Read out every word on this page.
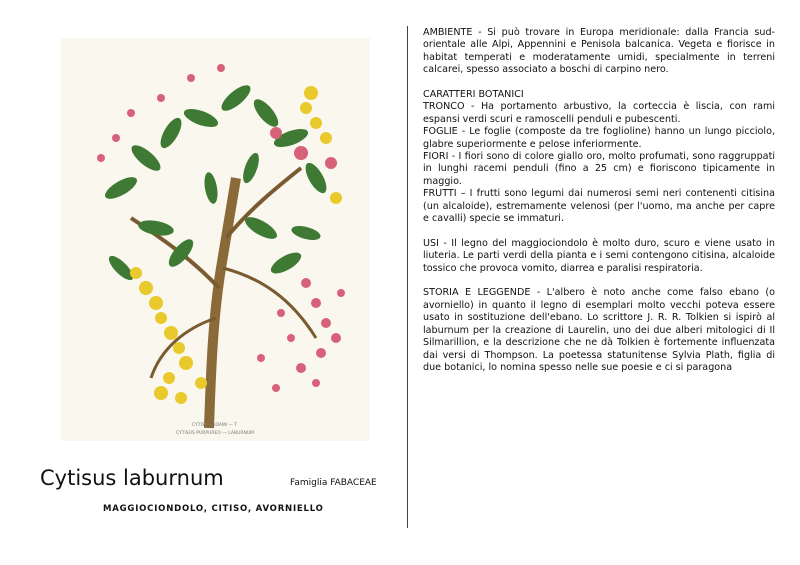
CYTISUS ADAMI — T.
CYTISUS PURPUREO — LABURNUM
Cytisus laburnum	Famiglia FABACEAE
MAGGIOCIONDOLO, CITISO, AVORNIELLO

AMBIENTE - Si può trovare in Europa meridionale: dalla Francia sud-orientale alle Alpi, Appennini e Penisola balcanica. Vegeta e fiorisce in habitat temperati e moderatamente umidi, specialmente in terreni calcarei, spesso associato a boschi di carpino nero.

CARATTERI BOTANICI

TRONCO - Ha portamento arbustivo, la corteccia è liscia, con rami espansi verdi scuri e ramoscelli penduli e pubescenti.

FOGLIE - Le foglie (composte da tre foglioline) hanno un lungo picciolo, glabre superiormente e pelose inferiormente.

FIORI - I fiori sono di colore giallo oro, molto profumati, sono raggruppati in lunghi racemi penduli (fino a 25 cm) e fioriscono tipicamente in maggio.

FRUTTI – I frutti sono legumi dai numerosi semi neri contenenti citisina (un alcaloide), estremamente velenosi (per l'uomo, ma anche per capre e cavalli) specie se immaturi.

USI - Il legno del maggiociondolo è molto duro, scuro e viene usato in liuteria. Le parti verdi della pianta e i semi contengono citisina, alcaloide tossico che provoca vomito, diarrea e paralisi respiratoria.

STORIA E LEGGENDE - L'albero è noto anche come falso ebano (o avorniello) in quanto il legno di esemplari molto vecchi poteva essere usato in sostituzione dell'ebano. Lo scrittore J. R. R. Tolkien si ispirò al laburnum per la creazione di Laurelin, uno dei due alberi mitologici di Il Silmarillion, e la descrizione che ne dà Tolkien è fortemente influenzata dai versi di Thompson. La poetessa statunitense Sylvia Plath, figlia di due botanici, lo nomina spesso nelle sue poesie e ci si paragona
